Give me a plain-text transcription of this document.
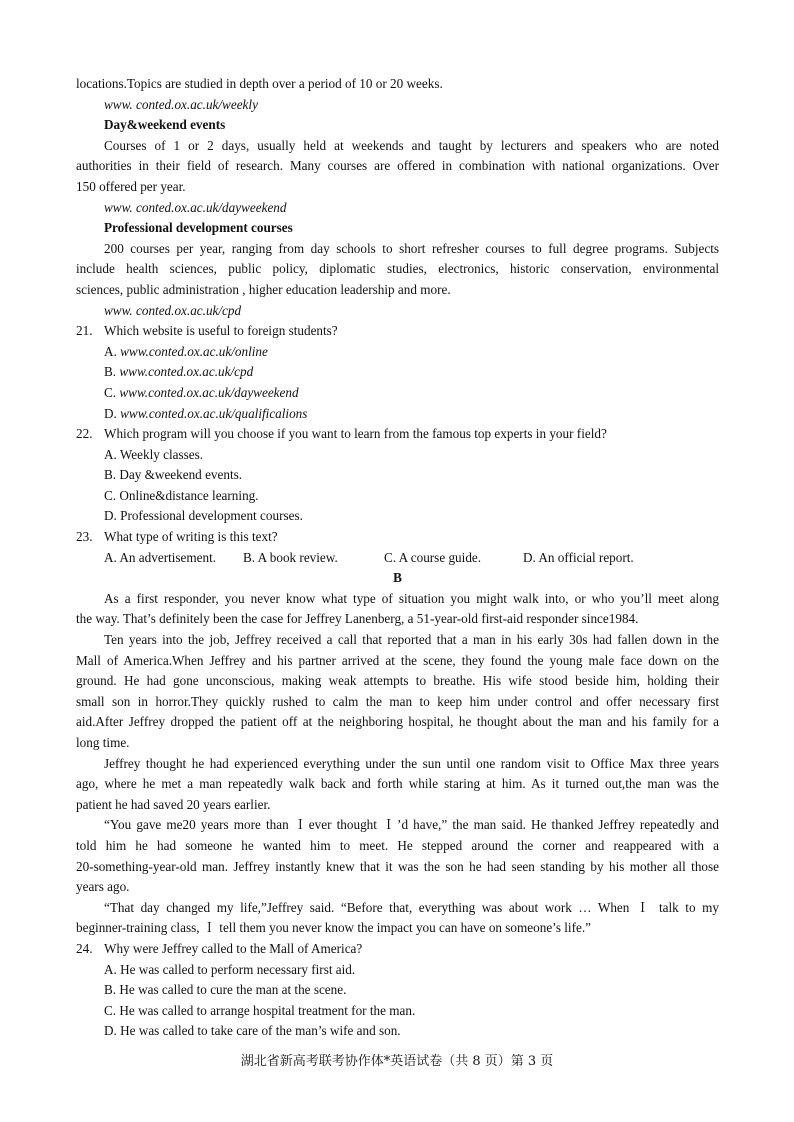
locations.Topics are studied in depth over a period of 10 or 20 weeks.
www. conted.ox.ac.uk/weekly
Day&weekend events
Courses of 1 or 2 days, usually held at weekends and taught by lecturers and speakers who are noted
authorities in their field of research. Many courses are offered in combination with national organizations. Over
150 offered per year.
www. conted.ox.ac.uk/dayweekend
Professional development courses
200 courses per year, ranging from day schools to short refresher courses to full degree programs. Subjects
include health sciences, public policy, diplomatic studies, electronics, historic conservation, environmental
sciences, public administration , higher education leadership and more.
www. conted.ox.ac.uk/cpd
21. Which website is useful to foreign students?
A. www.conted.ox.ac.uk/online
B. www.conted.ox.ac.uk/cpd
C. www.conted.ox.ac.uk/dayweekend
D. www.conted.ox.ac.uk/qualificalions
22. Which program will you choose if you want to learn from the famous top experts in your field?
A. Weekly classes.
B. Day &weekend events.
C. Online&distance learning.
D. Professional development courses.
23. What type of writing is this text?
A. An advertisement.	B. A book review.	C. A course guide.	D. An official report.
B
As a first responder, you never know what type of situation you might walk into, or who you’ll meet along
the way. That’s definitely been the case for Jeffrey Lanenberg, a 51-year-old first-aid responder since1984.
Ten years into the job, Jeffrey received a call that reported that a man in his early 30s had fallen down in the
Mall of America.When Jeffrey and his partner arrived at the scene, they found the young male face down on the
ground. He had gone unconscious, making weak attempts to breathe. His wife stood beside him, holding their
small son in horror.They quickly rushed to calm the man to keep him under control and offer necessary first
aid.After Jeffrey dropped the patient off at the neighboring hospital, he thought about the man and his family for a
long time.
Jeffrey thought he had experienced everything under the sun until one random visit to Office Max three years
ago, where he met a man repeatedly walk back and forth while staring at him. As it turned out,the man was the
patient he had saved 20 years earlier.
“You gave me20 years more than Ｉever thought Ｉ’d have,” the man said. He thanked Jeffrey repeatedly and
told him he had someone he wanted him to meet. He stepped around the corner and reappeared with a
20-something-year-old man. Jeffrey instantly knew that it was the son he had seen standing by his mother all those
years ago.
“That day changed my life,”Jeffrey said. “Before that, everything was about work … When Ｉ talk to my
beginner-training class, Ｉ tell them you never know the impact you can have on someone’s life.”
24. Why were Jeffrey called to the Mall of America?
A. He was called to perform necessary first aid.
B. He was called to cure the man at the scene.
C. He was called to arrange hospital treatment for the man.
D. He was called to take care of the man’s wife and son.
湖北省新高考联考协作体*英语试卷（共 8 页）第 3 页
